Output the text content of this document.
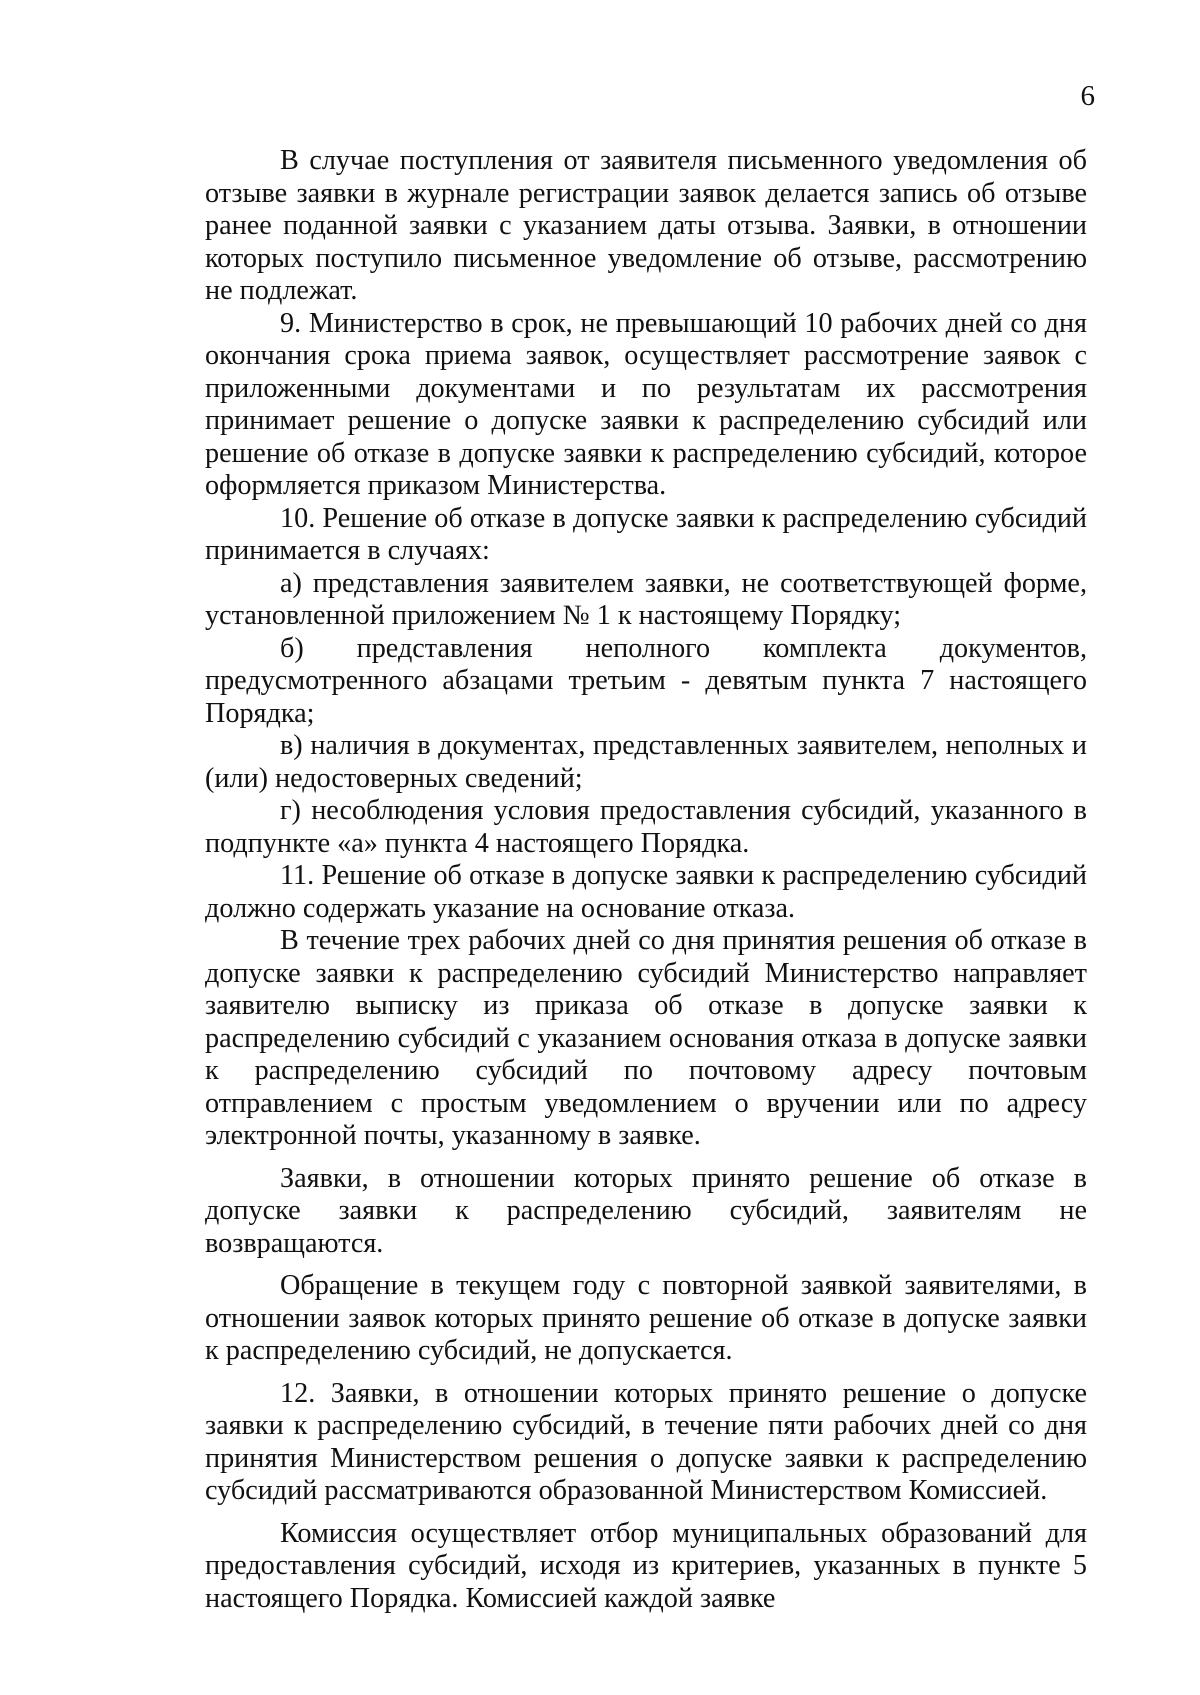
6

В случае поступления от заявителя письменного уведомления об отзыве заявки в журнале регистрации заявок делается запись об отзыве ранее поданной заявки с указанием даты отзыва. Заявки, в отношении которых поступило письменное уведомление об отзыве, рассмотрению не подлежат.

9. Министерство в срок, не превышающий 10 рабочих дней со дня окончания срока приема заявок, осуществляет рассмотрение заявок с приложенными документами и по результатам их рассмотрения принимает решение о допуске заявки к распределению субсидий или решение об отказе в допуске заявки к распределению субсидий, которое оформляется приказом Министерства.

10. Решение об отказе в допуске заявки к распределению субсидий принимается в случаях:

а) представления заявителем заявки, не соответствующей форме, установленной приложением № 1 к настоящему Порядку;

б) представления неполного комплекта документов, предусмотренного абзацами третьим - девятым пункта 7 настоящего Порядка;

в) наличия в документах, представленных заявителем, неполных и (или) недостоверных сведений;

г) несоблюдения условия предоставления субсидий, указанного в подпункте «а» пункта 4 настоящего Порядка.

11. Решение об отказе в допуске заявки к распределению субсидий должно содержать указание на основание отказа.

В течение трех рабочих дней со дня принятия решения об отказе в допуске заявки к распределению субсидий Министерство направляет заявителю выписку из приказа об отказе в допуске заявки к распределению субсидий с указанием основания отказа в допуске заявки к распределению субсидий по почтовому адресу почтовым отправлением с простым уведомлением о вручении или по адресу электронной почты, указанному в заявке.

Заявки, в отношении которых принято решение об отказе в допуске заявки к распределению субсидий, заявителям не возвращаются.

Обращение в текущем году с повторной заявкой заявителями, в отношении заявок которых принято решение об отказе в допуске заявки к распределению субсидий, не допускается.

12. Заявки, в отношении которых принято решение о допуске заявки к распределению субсидий, в течение пяти рабочих дней со дня принятия Министерством решения о допуске заявки к распределению субсидий рассматриваются образованной Министерством Комиссией.

Комиссия осуществляет отбор муниципальных образований для предоставления субсидий, исходя из критериев, указанных в пункте 5 настоящего Порядка. Комиссией каждой заявке
